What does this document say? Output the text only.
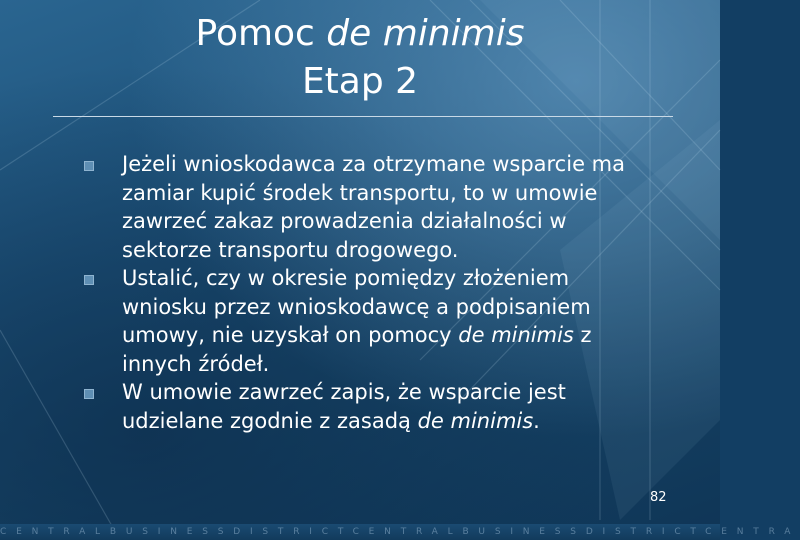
Pomoc de minimis
Etap 2

Jeżeli wnioskodawca za otrzymane wsparcie ma zamiar kupić środek transportu, to w umowie zawrzeć zakaz prowadzenia działalności w sektorze transportu drogowego.

Ustalić, czy w okresie pomiędzy złożeniem wniosku przez wnioskodawcę a podpisaniem umowy, nie uzyskał on pomocy de minimis z innych źródeł.

W umowie zawrzeć zapis, że wsparcie jest udzielane zgodnie z zasadą de minimis.

82
CENTRALBUSINESSDISTRICTCENTRALBUSINESSDISTRICTCENTRA
